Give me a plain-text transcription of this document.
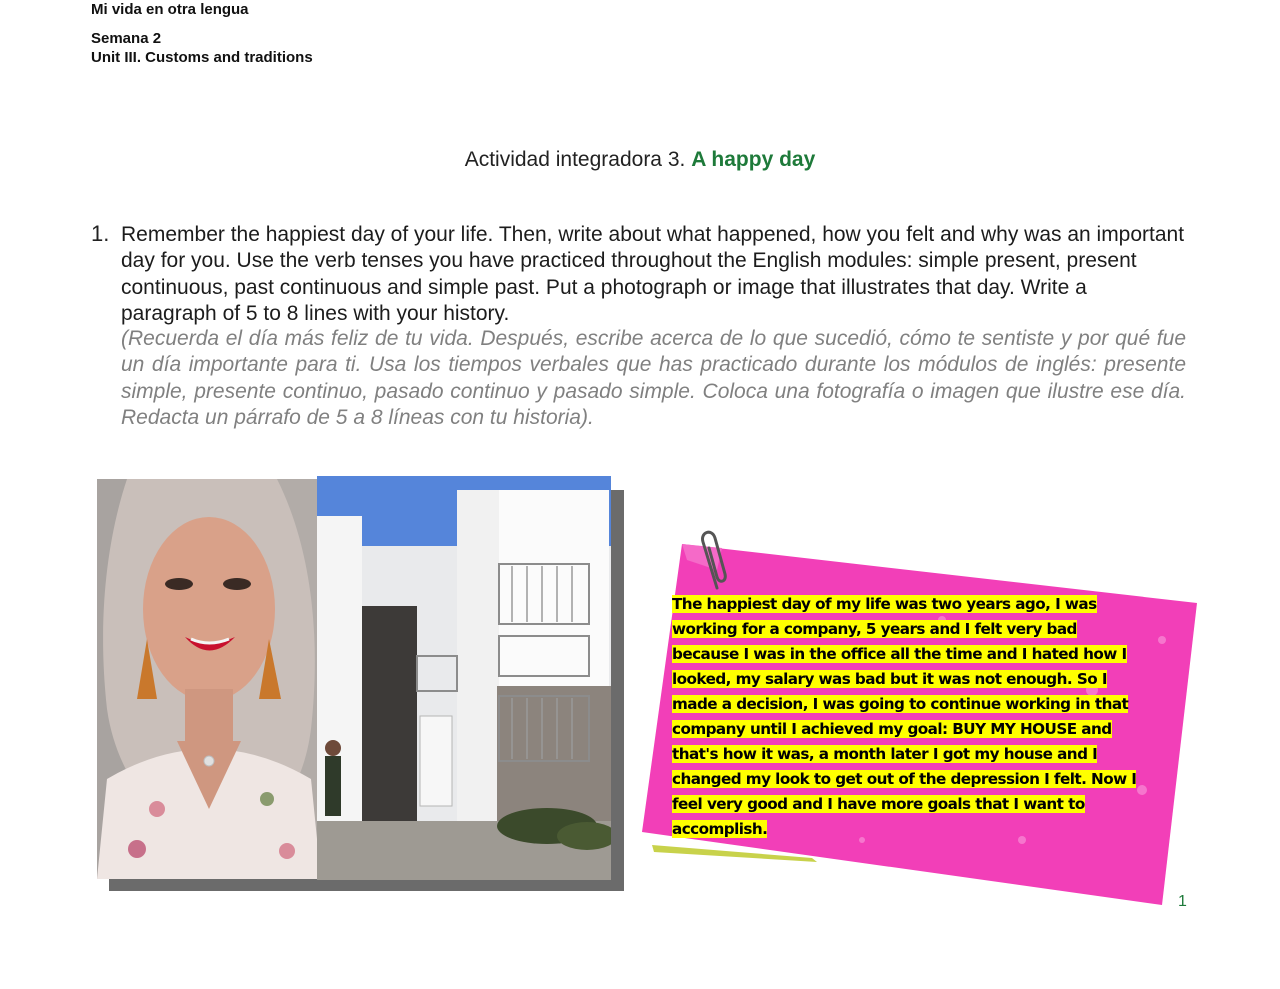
Mi vida en otra lengua
Semana 2
Unit III. Customs and traditions
Actividad integradora 3. A happy day
1. Remember the happiest day of your life. Then, write about what happened, how you felt and why was an important day for you. Use the verb tenses you have practiced throughout the English modules: simple present, present continuous, past continuous and simple past. Put a photograph or image that illustrates that day. Write a paragraph of 5 to 8 lines with your history.
(Recuerda el día más feliz de tu vida. Después, escribe acerca de lo que sucedió, cómo te sentiste y por qué fue un día importante para ti. Usa los tiempos verbales que has practicado durante los módulos de inglés: presente simple, presente continuo, pasado continuo y pasado simple. Coloca una fotografía o imagen que ilustre ese día. Redacta un párrafo de 5 a 8 líneas con tu historia).
The happiest day of my life was two years ago, I was working for a company, 5 years and I felt very bad because I was in the office all the time and I hated how I looked, my salary was bad but it was not enough. So I made a decision, I was going to continue working in that company until I achieved my goal: BUY MY HOUSE and that's how it was, a month later I got my house and I changed my look to get out of the depression I felt. Now I feel very good and I have more goals that I want to accomplish.
1
